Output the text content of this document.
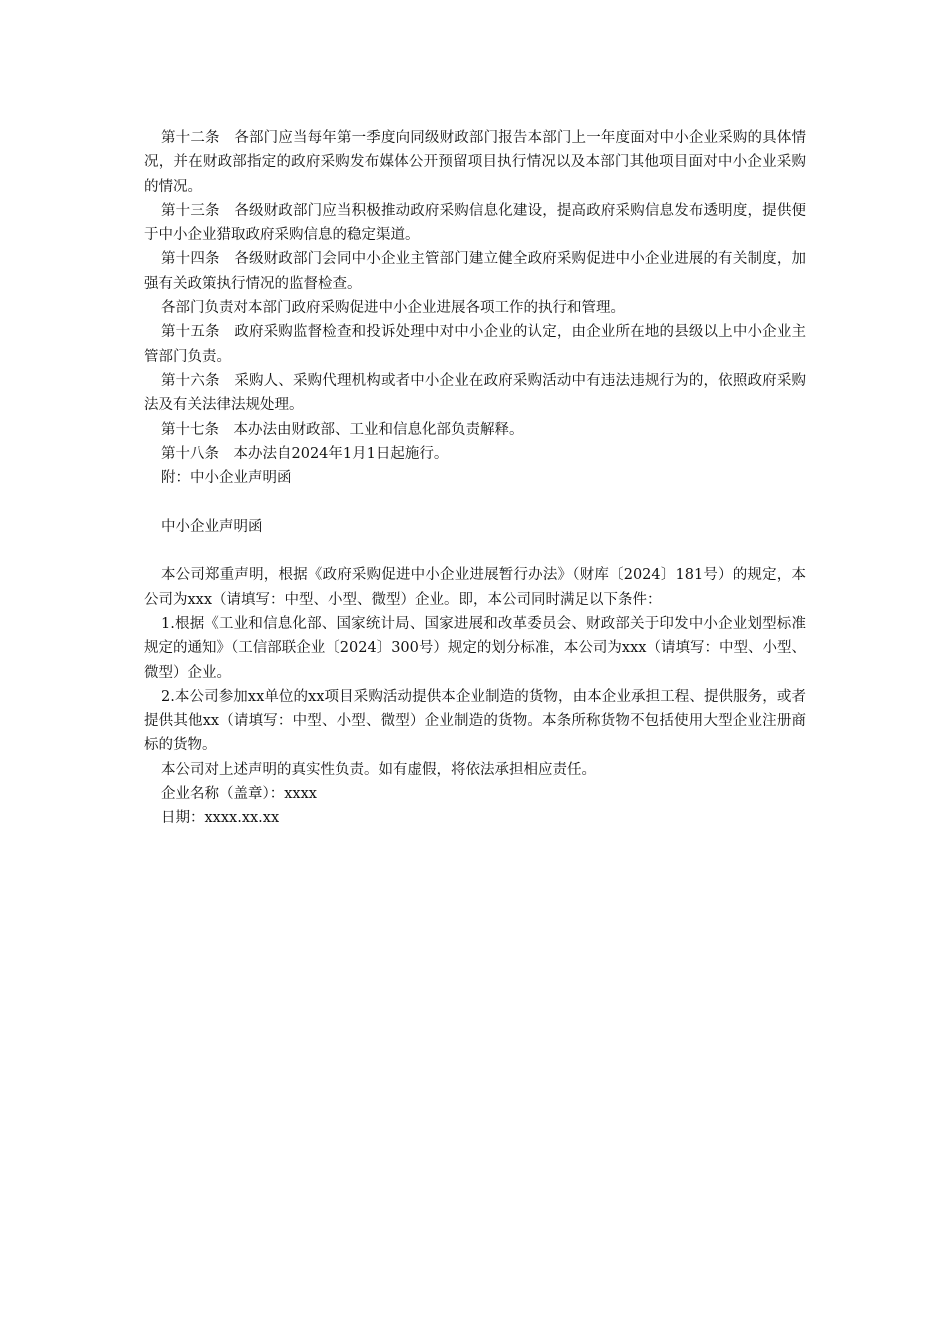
第十二条　各部门应当每年第一季度向同级财政部门报告本部门上一年度面对中小企业采购的具体情况，并在财政部指定的政府采购发布媒体公开预留项目执行情况以及本部门其他项目面对中小企业采购的情况。

第十三条　各级财政部门应当积极推动政府采购信息化建设，提高政府采购信息发布透明度，提供便于中小企业猎取政府采购信息的稳定渠道。

第十四条　各级财政部门会同中小企业主管部门建立健全政府采购促进中小企业进展的有关制度，加强有关政策执行情况的监督检查。

各部门负责对本部门政府采购促进中小企业进展各项工作的执行和管理。

第十五条　政府采购监督检查和投诉处理中对中小企业的认定，由企业所在地的县级以上中小企业主管部门负责。

第十六条　采购人、采购代理机构或者中小企业在政府采购活动中有违法违规行为的，依照政府采购法及有关法律法规处理。

第十七条　本办法由财政部、工业和信息化部负责解释。

第十八条　本办法自2024年1月1日起施行。

附：中小企业声明函

中小企业声明函

本公司郑重声明，根据《政府采购促进中小企业进展暂行办法》（财库〔2024〕181号）的规定，本公司为xxx（请填写：中型、小型、微型）企业。即，本公司同时满足以下条件：

1.根据《工业和信息化部、国家统计局、国家进展和改革委员会、财政部关于印发中小企业划型标准规定的通知》（工信部联企业〔2024〕300号）规定的划分标准，本公司为xxx（请填写：中型、小型、微型）企业。

2.本公司参加xx单位的xx项目采购活动提供本企业制造的货物，由本企业承担工程、提供服务，或者提供其他xx（请填写：中型、小型、微型）企业制造的货物。本条所称货物不包括使用大型企业注册商标的货物。

本公司对上述声明的真实性负责。如有虚假，将依法承担相应责任。

企业名称（盖章）：xxxx

日期：xxxx.xx.xx
